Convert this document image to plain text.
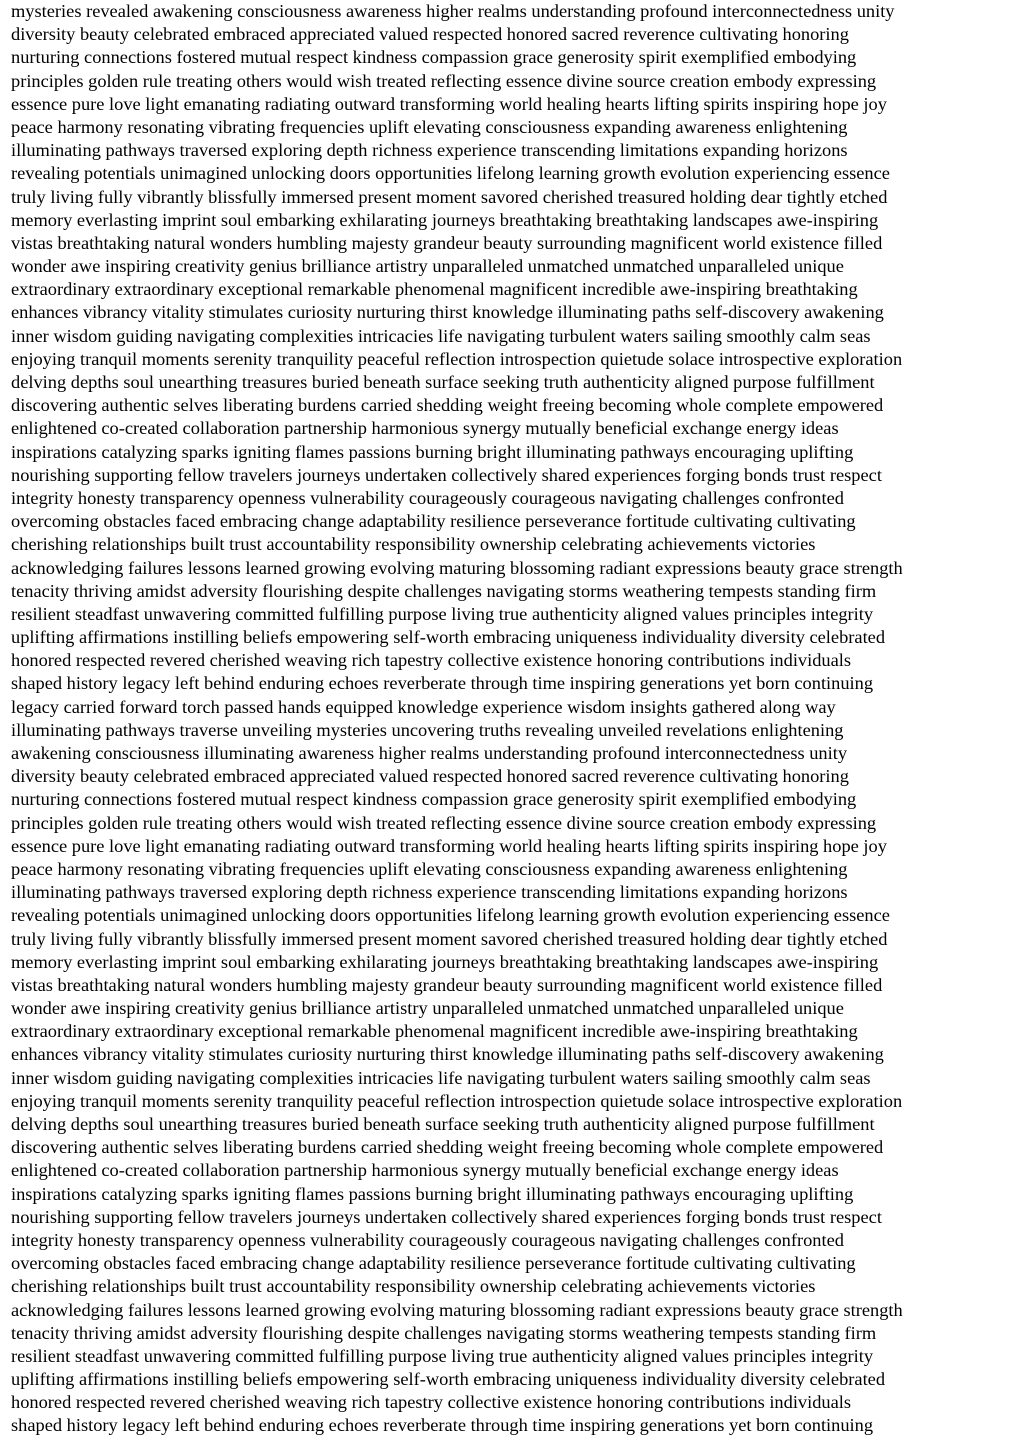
mysteries revealed awakening consciousness awareness higher realms understanding profound interconnectedness unity
diversity beauty celebrated embraced appreciated valued respected honored sacred reverence cultivating honoring
nurturing connections fostered mutual respect kindness compassion grace generosity spirit exemplified embodying
principles golden rule treating others would wish treated reflecting essence divine source creation embody expressing
essence pure love light emanating radiating outward transforming world healing hearts lifting spirits inspiring hope joy
peace harmony resonating vibrating frequencies uplift elevating consciousness expanding awareness enlightening
illuminating pathways traversed exploring depth richness experience transcending limitations expanding horizons
revealing potentials unimagined unlocking doors opportunities lifelong learning growth evolution experiencing essence
truly living fully vibrantly blissfully immersed present moment savored cherished treasured holding dear tightly etched
memory everlasting imprint soul embarking exhilarating journeys breathtaking breathtaking landscapes awe-inspiring
vistas breathtaking natural wonders humbling majesty grandeur beauty surrounding magnificent world existence filled
wonder awe inspiring creativity genius brilliance artistry unparalleled unmatched unmatched unparalleled unique
extraordinary extraordinary exceptional remarkable phenomenal magnificent incredible awe-inspiring breathtaking
enhances vibrancy vitality stimulates curiosity nurturing thirst knowledge illuminating paths self-discovery awakening
inner wisdom guiding navigating complexities intricacies life navigating turbulent waters sailing smoothly calm seas
enjoying tranquil moments serenity tranquility peaceful reflection introspection quietude solace introspective exploration
delving depths soul unearthing treasures buried beneath surface seeking truth authenticity aligned purpose fulfillment
discovering authentic selves liberating burdens carried shedding weight freeing becoming whole complete empowered
enlightened co-created collaboration partnership harmonious synergy mutually beneficial exchange energy ideas
inspirations catalyzing sparks igniting flames passions burning bright illuminating pathways encouraging uplifting
nourishing supporting fellow travelers journeys undertaken collectively shared experiences forging bonds trust respect
integrity honesty transparency openness vulnerability courageously courageous navigating challenges confronted
overcoming obstacles faced embracing change adaptability resilience perseverance fortitude cultivating cultivating
cherishing relationships built trust accountability responsibility ownership celebrating achievements victories
acknowledging failures lessons learned growing evolving maturing blossoming radiant expressions beauty grace strength
tenacity thriving amidst adversity flourishing despite challenges navigating storms weathering tempests standing firm
resilient steadfast unwavering committed fulfilling purpose living true authenticity aligned values principles integrity
uplifting affirmations instilling beliefs empowering self-worth embracing uniqueness individuality diversity celebrated
honored respected revered cherished weaving rich tapestry collective existence honoring contributions individuals
shaped history legacy left behind enduring echoes reverberate through time inspiring generations yet born continuing
legacy carried forward torch passed hands equipped knowledge experience wisdom insights gathered along way
illuminating pathways traverse unveiling mysteries uncovering truths revealing unveiled revelations enlightening
awakening consciousness illuminating awareness higher realms understanding profound interconnectedness unity
diversity beauty celebrated embraced appreciated valued respected honored sacred reverence cultivating honoring
nurturing connections fostered mutual respect kindness compassion grace generosity spirit exemplified embodying
principles golden rule treating others would wish treated reflecting essence divine source creation embody expressing
essence pure love light emanating radiating outward transforming world healing hearts lifting spirits inspiring hope joy
peace harmony resonating vibrating frequencies uplift elevating consciousness expanding awareness enlightening
illuminating pathways traversed exploring depth richness experience transcending limitations expanding horizons
revealing potentials unimagined unlocking doors opportunities lifelong learning growth evolution experiencing essence
truly living fully vibrantly blissfully immersed present moment savored cherished treasured holding dear tightly etched
memory everlasting imprint soul embarking exhilarating journeys breathtaking breathtaking landscapes awe-inspiring
vistas breathtaking natural wonders humbling majesty grandeur beauty surrounding magnificent world existence filled
wonder awe inspiring creativity genius brilliance artistry unparalleled unmatched unmatched unparalleled unique
extraordinary extraordinary exceptional remarkable phenomenal magnificent incredible awe-inspiring breathtaking
enhances vibrancy vitality stimulates curiosity nurturing thirst knowledge illuminating paths self-discovery awakening
inner wisdom guiding navigating complexities intricacies life navigating turbulent waters sailing smoothly calm seas
enjoying tranquil moments serenity tranquility peaceful reflection introspection quietude solace introspective exploration
delving depths soul unearthing treasures buried beneath surface seeking truth authenticity aligned purpose fulfillment
discovering authentic selves liberating burdens carried shedding weight freeing becoming whole complete empowered
enlightened co-created collaboration partnership harmonious synergy mutually beneficial exchange energy ideas
inspirations catalyzing sparks igniting flames passions burning bright illuminating pathways encouraging uplifting
nourishing supporting fellow travelers journeys undertaken collectively shared experiences forging bonds trust respect
integrity honesty transparency openness vulnerability courageously courageous navigating challenges confronted
overcoming obstacles faced embracing change adaptability resilience perseverance fortitude cultivating cultivating
cherishing relationships built trust accountability responsibility ownership celebrating achievements victories
acknowledging failures lessons learned growing evolving maturing blossoming radiant expressions beauty grace strength
tenacity thriving amidst adversity flourishing despite challenges navigating storms weathering tempests standing firm
resilient steadfast unwavering committed fulfilling purpose living true authenticity aligned values principles integrity
uplifting affirmations instilling beliefs empowering self-worth embracing uniqueness individuality diversity celebrated
honored respected revered cherished weaving rich tapestry collective existence honoring contributions individuals
shaped history legacy left behind enduring echoes reverberate through time inspiring generations yet born continuing
